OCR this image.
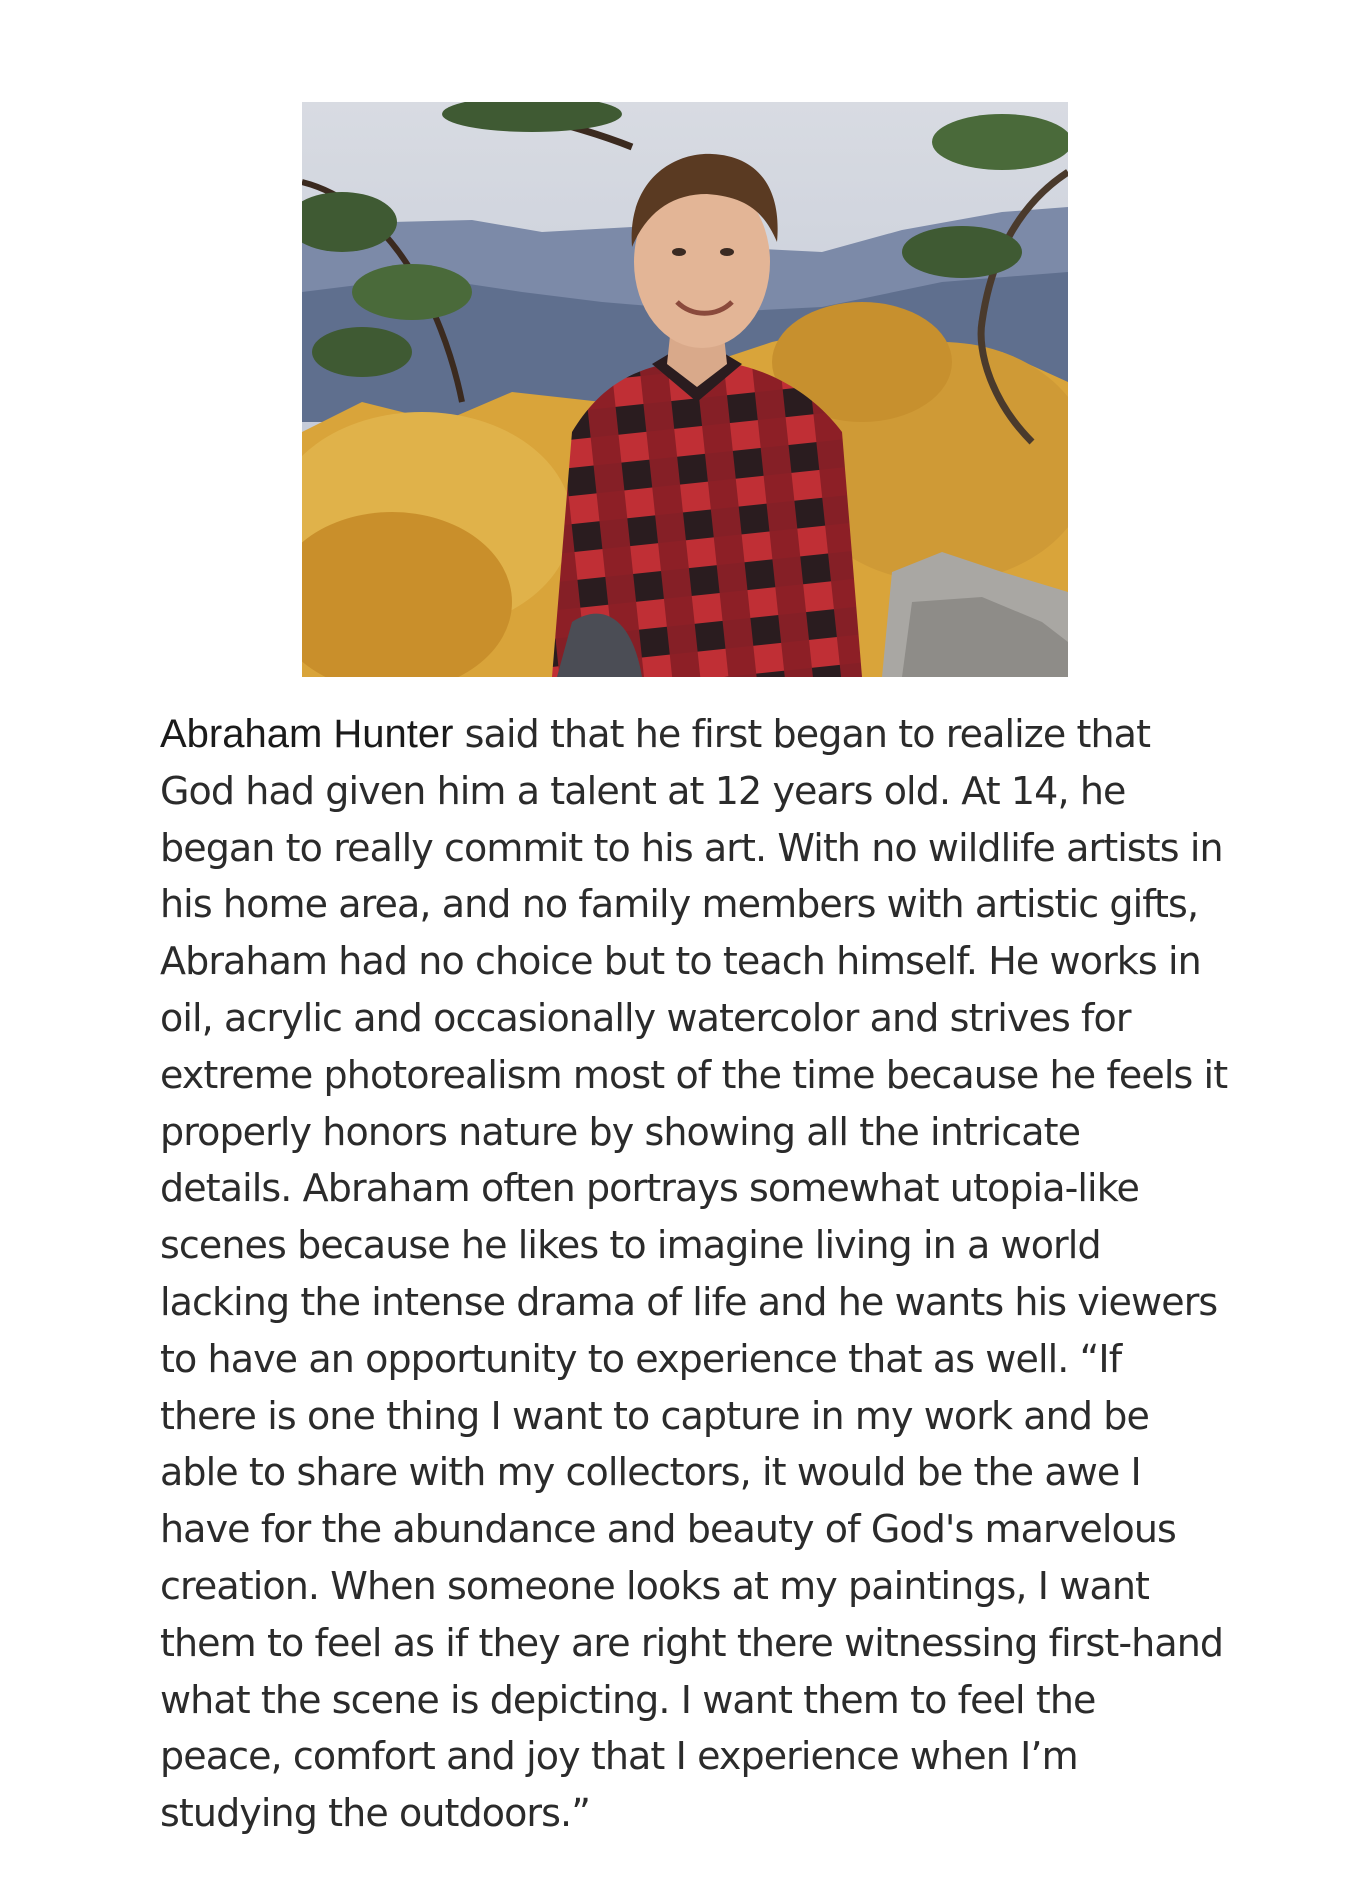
Abraham Hunter said that he first began to realize that
God had given him a talent at 12 years old. At 14, he
began to really commit to his art. With no wildlife artists in
his home area, and no family members with artistic gifts,
Abraham had no choice but to teach himself. He works in
oil, acrylic and occasionally watercolor and strives for
extreme photorealism most of the time because he feels it
properly honors nature by showing all the intricate
details. Abraham often portrays somewhat utopia-like
scenes because he likes to imagine living in a world
lacking the intense drama of life and he wants his viewers
to have an opportunity to experience that as well. “If
there is one thing I want to capture in my work and be
able to share with my collectors, it would be the awe I
have for the abundance and beauty of God's marvelous
creation. When someone looks at my paintings, I want
them to feel as if they are right there witnessing first-hand
what the scene is depicting. I want them to feel the
peace, comfort and joy that I experience when I’m
studying the outdoors.”
